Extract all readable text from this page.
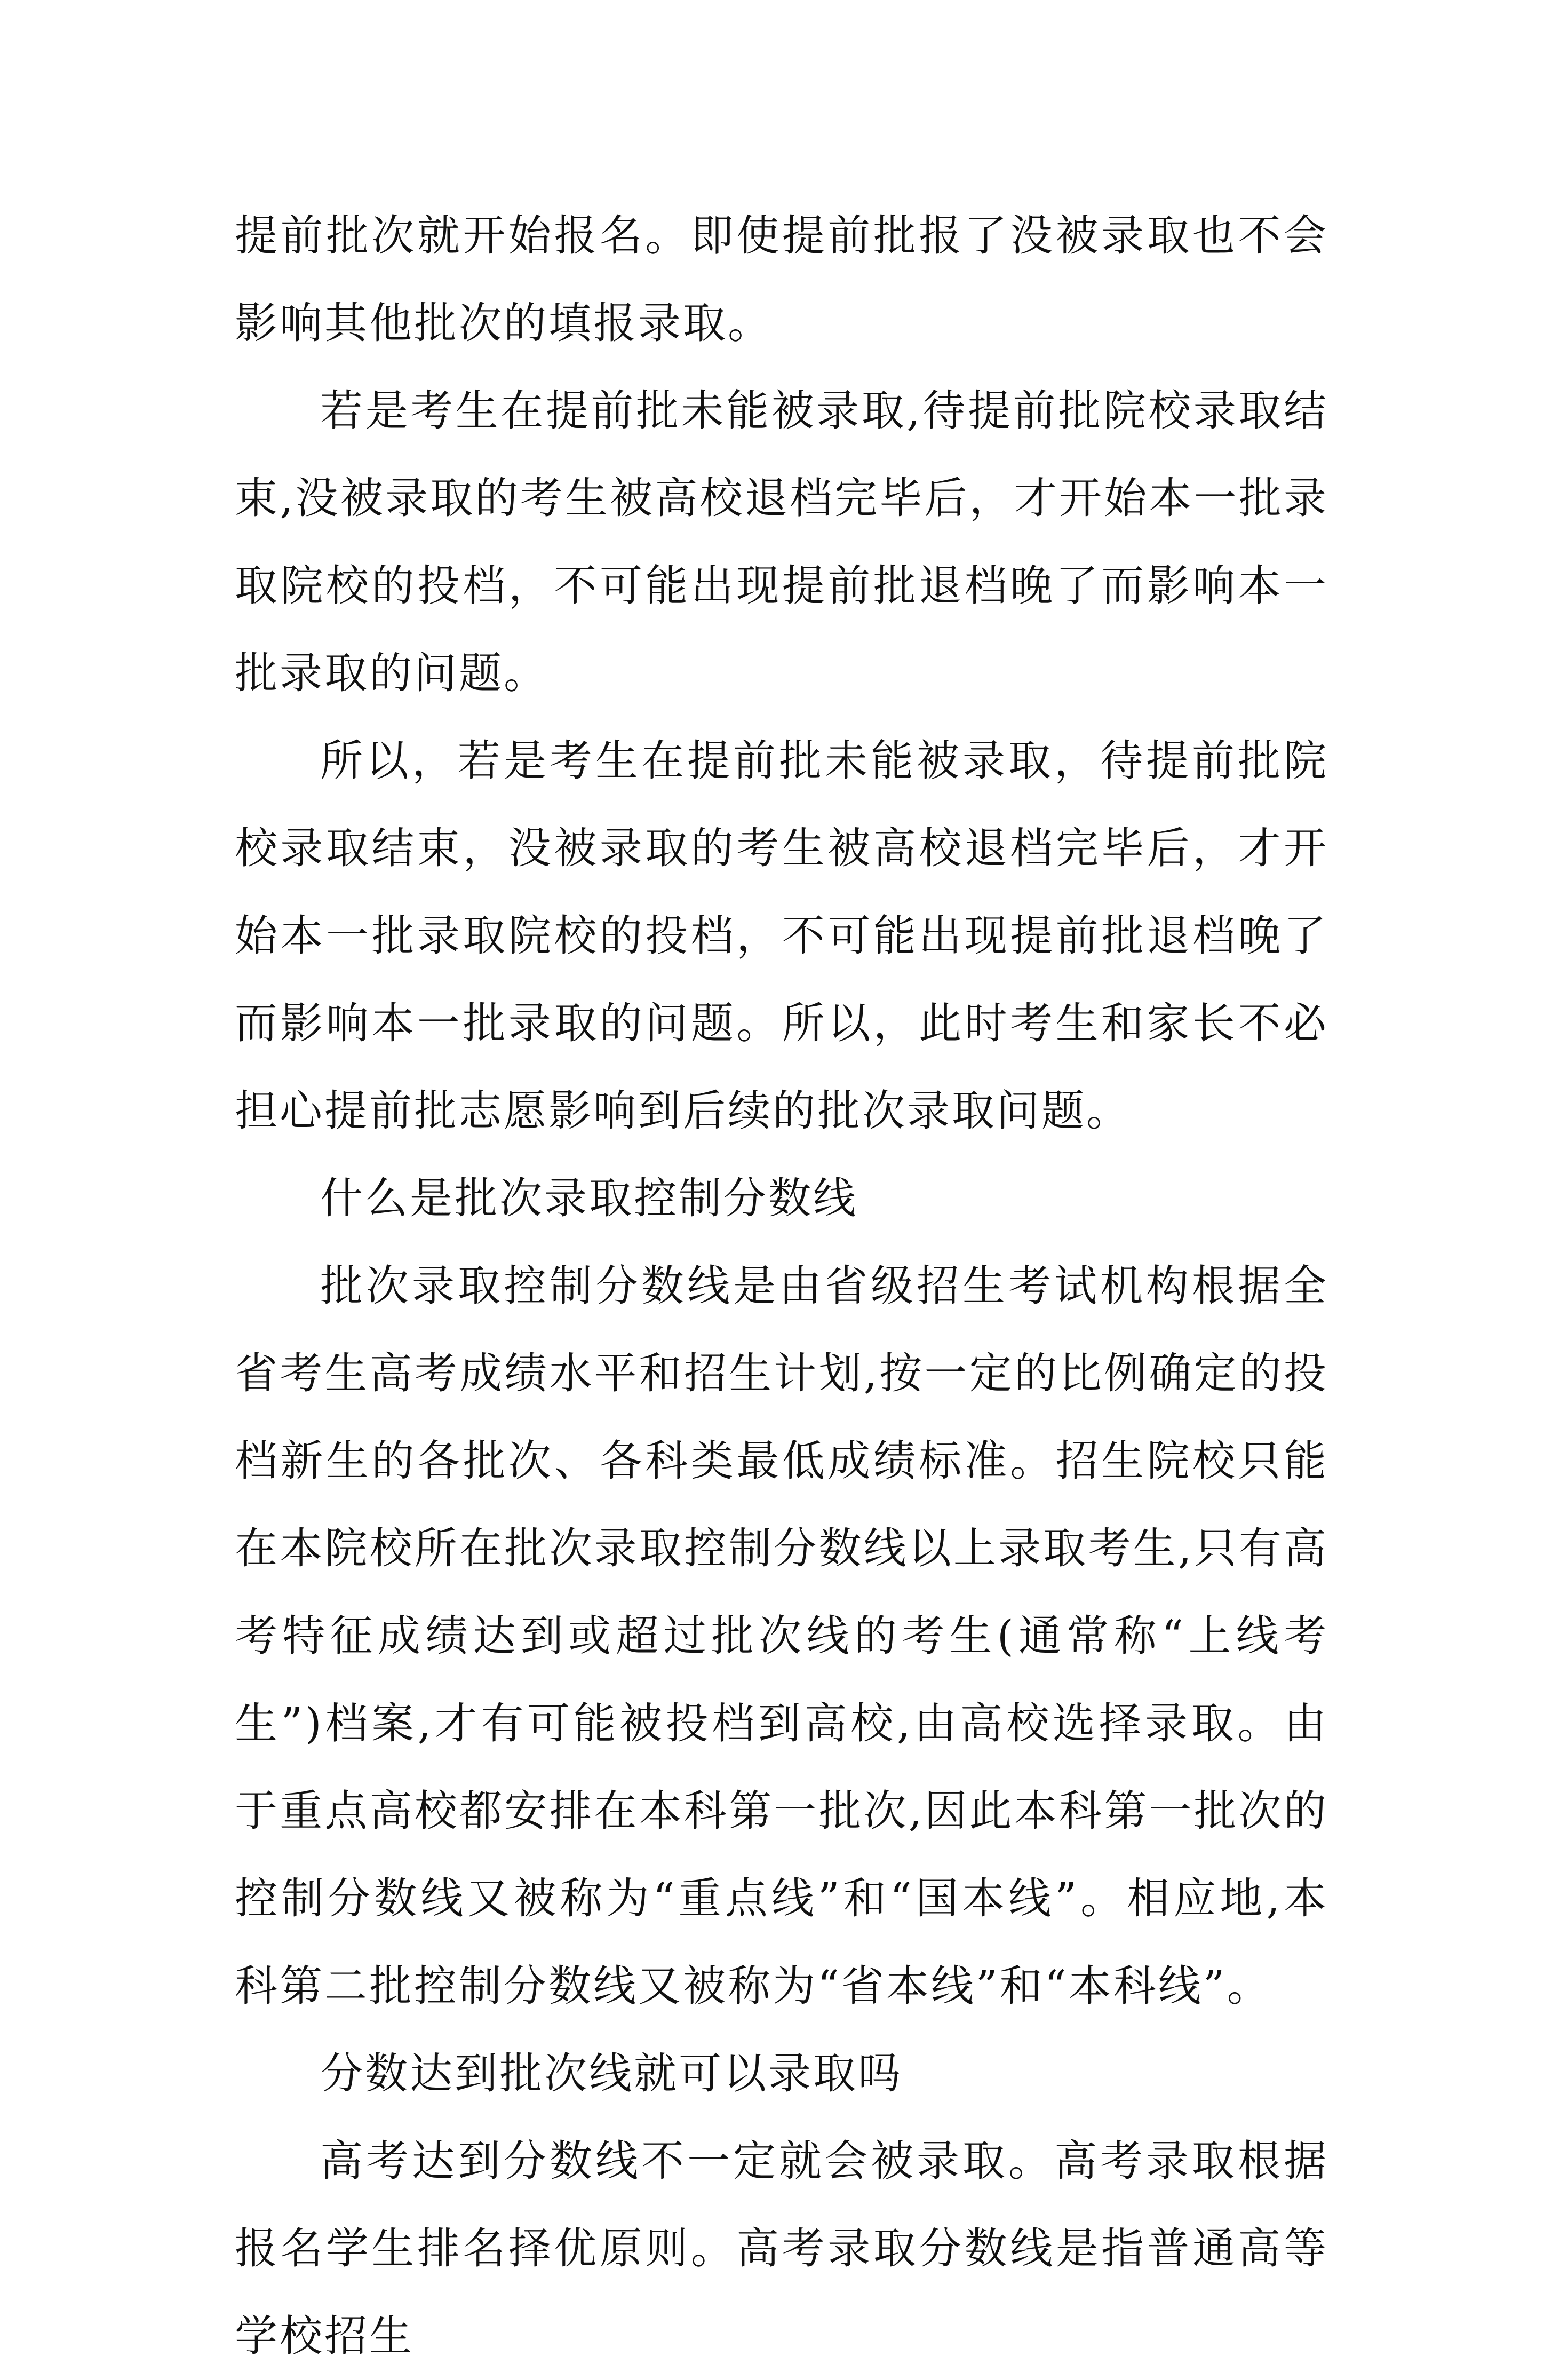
提前批次就开始报名。即使提前批报了没被录取也不会影响其他批次的填报录取。

若是考生在提前批未能被录取,待提前批院校录取结束,没被录取的考生被高校退档完毕后，才开始本一批录取院校的投档，不可能出现提前批退档晚了而影响本一批录取的问题。

所以，若是考生在提前批未能被录取，待提前批院校录取结束，没被录取的考生被高校退档完毕后，才开始本一批录取院校的投档，不可能出现提前批退档晚了而影响本一批录取的问题。所以，此时考生和家长不必担心提前批志愿影响到后续的批次录取问题。

什么是批次录取控制分数线

批次录取控制分数线是由省级招生考试机构根据全省考生高考成绩水平和招生计划,按一定的比例确定的投档新生的各批次、各科类最低成绩标准。招生院校只能在本院校所在批次录取控制分数线以上录取考生,只有高考特征成绩达到或超过批次线的考生(通常称“上线考生”)档案,才有可能被投档到高校,由高校选择录取。由于重点高校都安排在本科第一批次,因此本科第一批次的控制分数线又被称为“重点线”和“国本线”。相应地,本科第二批控制分数线又被称为“省本线”和“本科线”。

分数达到批次线就可以录取吗

高考达到分数线不一定就会被录取。高考录取根据报名学生排名择优原则。高考录取分数线是指普通高等学校招生
